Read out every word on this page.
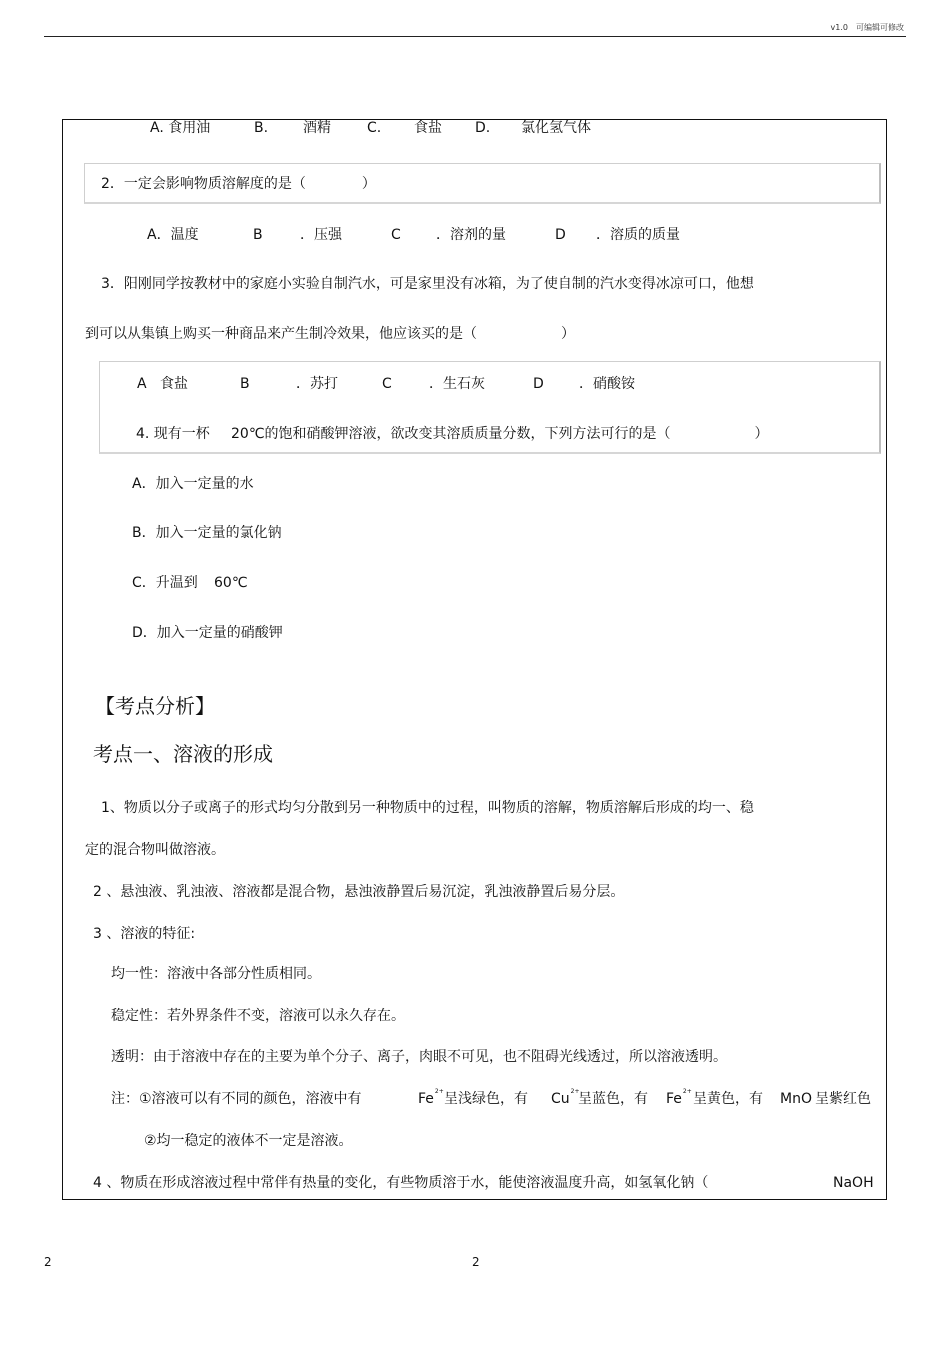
v1.0 可编辑可修改
A. 食用油	B. 酒精	C. 食盐 D. 氯化氢气体
2．一定会影响物质溶解度的是（　　　　）
A．温度	B	．压强	C	．溶剂的量	D ．溶质的质量
3．阳刚同学按教材中的家庭小实验自制汽水，可是家里没有冰箱，为了使自制的汽水变得冰凉可口，他想
到可以从集镇上购买一种商品来产生制冷效果，他应该买的是（　　　　　　）
A 食盐	B	．苏打	C	．生石灰	D	．硝酸铵
4. 现有一杯 20℃的饱和硝酸钾溶液，欲改变其溶质质量分数，下列方法可行的是（　　　　　　）
A．加入一定量的水
B．加入一定量的氯化钠
C．升温到 60℃
D．加入一定量的硝酸钾
【考点分析】
考点一、溶液的形成
1、物质以分子或离子的形式均匀分散到另一种物质中的过程，叫物质的溶解，物质溶解后形成的均一、稳
定的混合物叫做溶液。
2 、悬浊液、乳浊液、溶液都是混合物，悬浊液静置后易沉淀，乳浊液静置后易分层。
3 、溶液的特征:
均一性：溶液中各部分性质相同。
稳定性：若外界条件不变，溶液可以永久存在。
透明：由于溶液中存在的主要为单个分子、离子，肉眼不可见，也不阻碍光线透过，所以溶液透明。
注：①溶液可以有不同的颜色，溶液中有	$Fe^{2+}$ 呈浅绿色，有 $Cu^{2+}$
呈蓝色，有 $Fe^{2+}$ 呈黄色，有 MnO 呈紫红色
②均一稳定的液体不一定是溶液。
4 、物质在形成溶液过程中常伴有热量的变化，有些物质溶于水，能使溶液温度升高，如氢氧化钠（	NaOH
2	2
